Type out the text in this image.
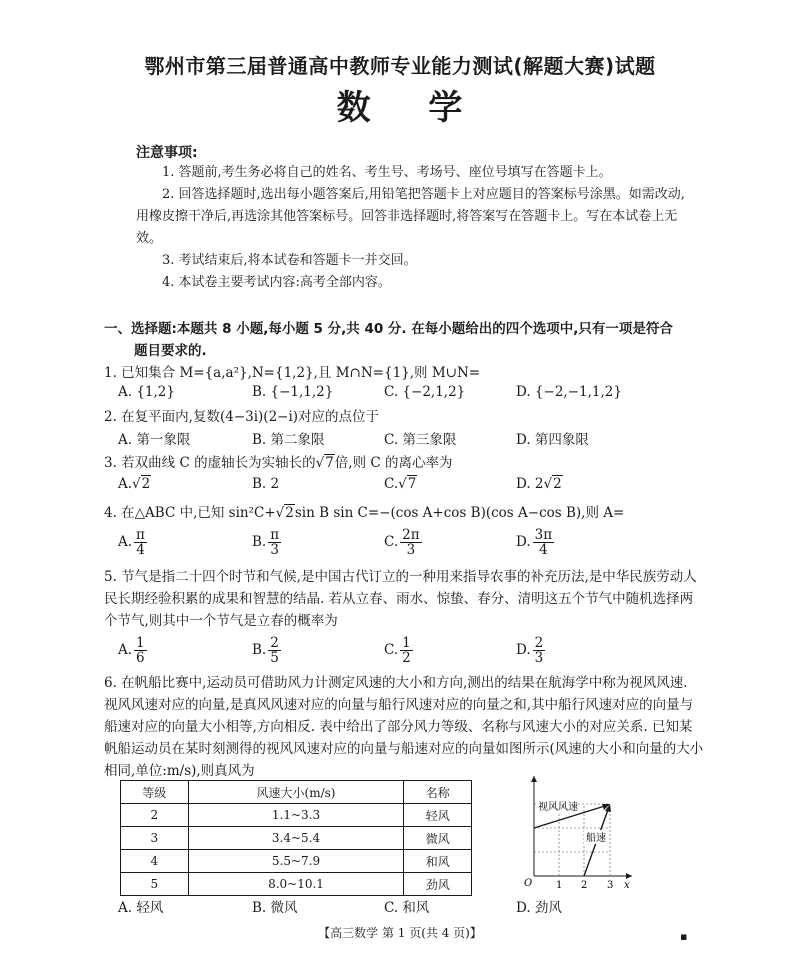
鄂州市第三届普通高中教师专业能力测试(解题大赛)试题
数 学
注意事项:

1. 答题前,考生务必将自己的姓名、考生号、考场号、座位号填写在答题卡上。

2. 回答选择题时,选出每小题答案后,用铅笔把答题卡上对应题目的答案标号涂黑。如需改动,用橡皮擦干净后,再选涂其他答案标号。回答非选择题时,将答案写在答题卡上。写在本试卷上无效。

3. 考试结束后,将本试卷和答题卡一并交回。

4. 本试卷主要考试内容:高考全部内容。

一、选择题:本题共 8 小题,每小题 5 分,共 40 分. 在每小题给出的四个选项中,只有一项是符合
题目要求的.
1. 已知集合 M={a,a²},N={1,2},且 M∩N={1},则 M∪N=
A. {1,2}	B. {−1,1,2}	C. {−2,1,2}	D. {−2,−1,1,2}
2. 在复平面内,复数(4−3i)(2−i)对应的点位于
A. 第一象限	B. 第二象限	C. 第三象限	D. 第四象限
3. 若双曲线 C 的虚轴长为实轴长的√7倍,则 C 的离心率为
A.√2	B. 2	C.√7	D. 2√2
4. 在△ABC 中,已知 sin²C+√2sin B sin C=−(cos A+cos B)(cos A−cos B),则 A=
A. $\frac{\pi}{4}$	B. $\frac{\pi}{3}$	C. $\frac{2\pi}{3}$	D. $\frac{3\pi}{4}$
5. 节气是指二十四个时节和气候,是中国古代订立的一种用来指导农事的补充历法,是中华民族劳动人民长期经验积累的成果和智慧的结晶. 若从立春、雨水、惊蛰、春分、清明这五个节气中随机选择两个节气,则其中一个节气是立春的概率为
A. $\frac{1}{6}$	B. $\frac{2}{5}$	C. $\frac{1}{2}$	D. $\frac{2}{3}$
6. 在帆船比赛中,运动员可借助风力计测定风速的大小和方向,测出的结果在航海学中称为视风风速. 视风风速对应的向量,是真风风速对应的向量与船行风速对应的向量之和,其中船行风速对应的向量与船速对应的向量大小相等,方向相反. 表中给出了部分风力等级、名称与风速大小的对应关系. 已知某帆船运动员在某时刻测得的视风风速对应的向量与船速对应的向量如图所示(风速的大小和向量的大小相同,单位:m/s),则真风为
等级	风速大小(m/s)	名称
2	1.1~3.3	轻风
3	3.4~5.4	微风
4	5.5~7.9	和风
5	8.0~10.1	劲风
视风风速
船速
O 1 2 3 x
A. 轻风	B. 微风	C. 和风	D. 劲风
【高三数学 第 1 页(共 4 页)】	▪
